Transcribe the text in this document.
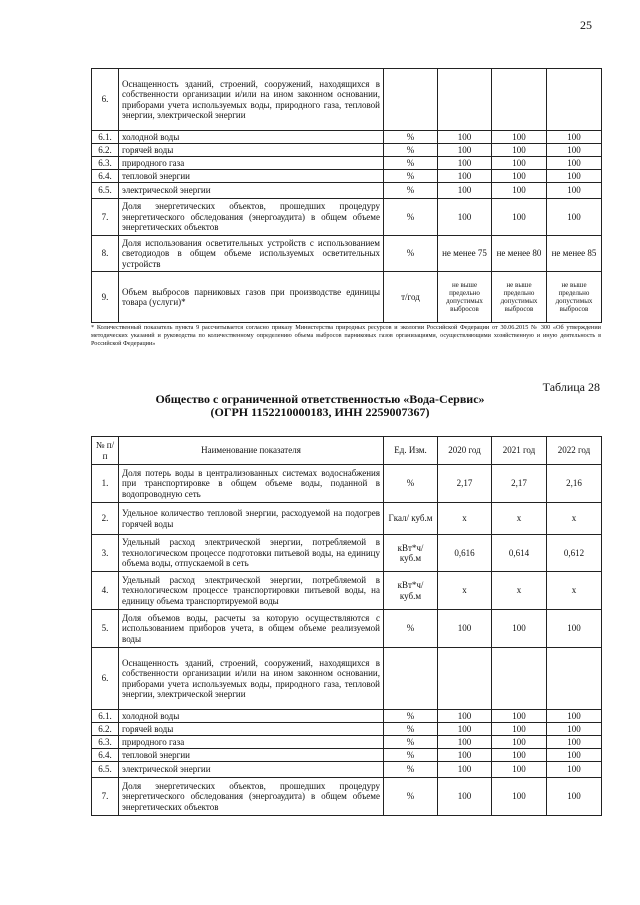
25
6.	Оснащенность зданий, строений, сооружений, находящихся в собственности организации и/или на ином законном основании, приборами учета используемых воды, природного газа, тепловой энергии, электрической энергии				
6.1.	холодной воды	%	100	100	100
6.2.	горячей воды	%	100	100	100
6.3.	природного газа	%	100	100	100
6.4.	тепловой энергии	%	100	100	100
6.5.	электрической энергии	%	100	100	100
7.	Доля энергетических объектов, прошедших процедуру энергетического обследования (энергоаудита) в общем объеме энергетических объектов	%	100	100	100
8.	Доля использования осветительных устройств с использованием светодиодов в общем объеме используемых осветительных устройств	%	не менее 75	не менее 80	не менее 85
9.	Объем выбросов парниковых газов при производстве единицы товара (услуги)*	т/год	не выше предельно допустимых выбросов	не выше предельно допустимых выбросов	не выше предельно допустимых выбросов
* Количественный показатель пункта 9 рассчитывается согласно приказу Министерства природных ресурсов и экологии Российской Федерации от 30.06.2015 № 300 «Об утверждении методических указаний и руководства по количественному определению объема выбросов парниковых газов организациями, осуществляющими хозяйственную и иную деятельность в Российской Федерации»
Таблица 28
Общество с ограниченной ответственностью «Вода-Сервис»
(ОГРН 1152210000183, ИНН 2259007367)
№ п/п	Наименование показателя	Ед. Изм.	2020 год	2021 год	2022 год
1.	Доля потерь воды в централизованных системах водоснабжения при транспортировке в общем объеме воды, поданной в водопроводную сеть	%	2,17	2,17	2,16
2.	Удельное количество тепловой энергии, расходуемой на подогрев горячей воды	Гкал/ куб.м	х	х	х
3.	Удельный расход электрической энергии, потребляемой в технологическом процессе подготовки питьевой воды, на единицу объема воды, отпускаемой в сеть	кВт*ч/ куб.м	0,616	0,614	0,612
4.	Удельный расход электрической энергии, потребляемой в технологическом процессе транспортировки питьевой воды, на единицу объема транспортируемой воды	кВт*ч/ куб.м	х	х	х
5.	Доля объемов воды, расчеты за которую осуществляются с использованием приборов учета, в общем объеме реализуемой воды	%	100	100	100
6.	Оснащенность зданий, строений, сооружений, находящихся в собственности организации и/или на ином законном основании, приборами учета используемых воды, природного газа, тепловой энергии, электрической энергии				
6.1.	холодной воды	%	100	100	100
6.2.	горячей воды	%	100	100	100
6.3.	природного газа	%	100	100	100
6.4.	тепловой энергии	%	100	100	100
6.5.	электрической энергии	%	100	100	100
7.	Доля энергетических объектов, прошедших процедуру энергетического обследования (энергоаудита) в общем объеме энергетических объектов	%	100	100	100
